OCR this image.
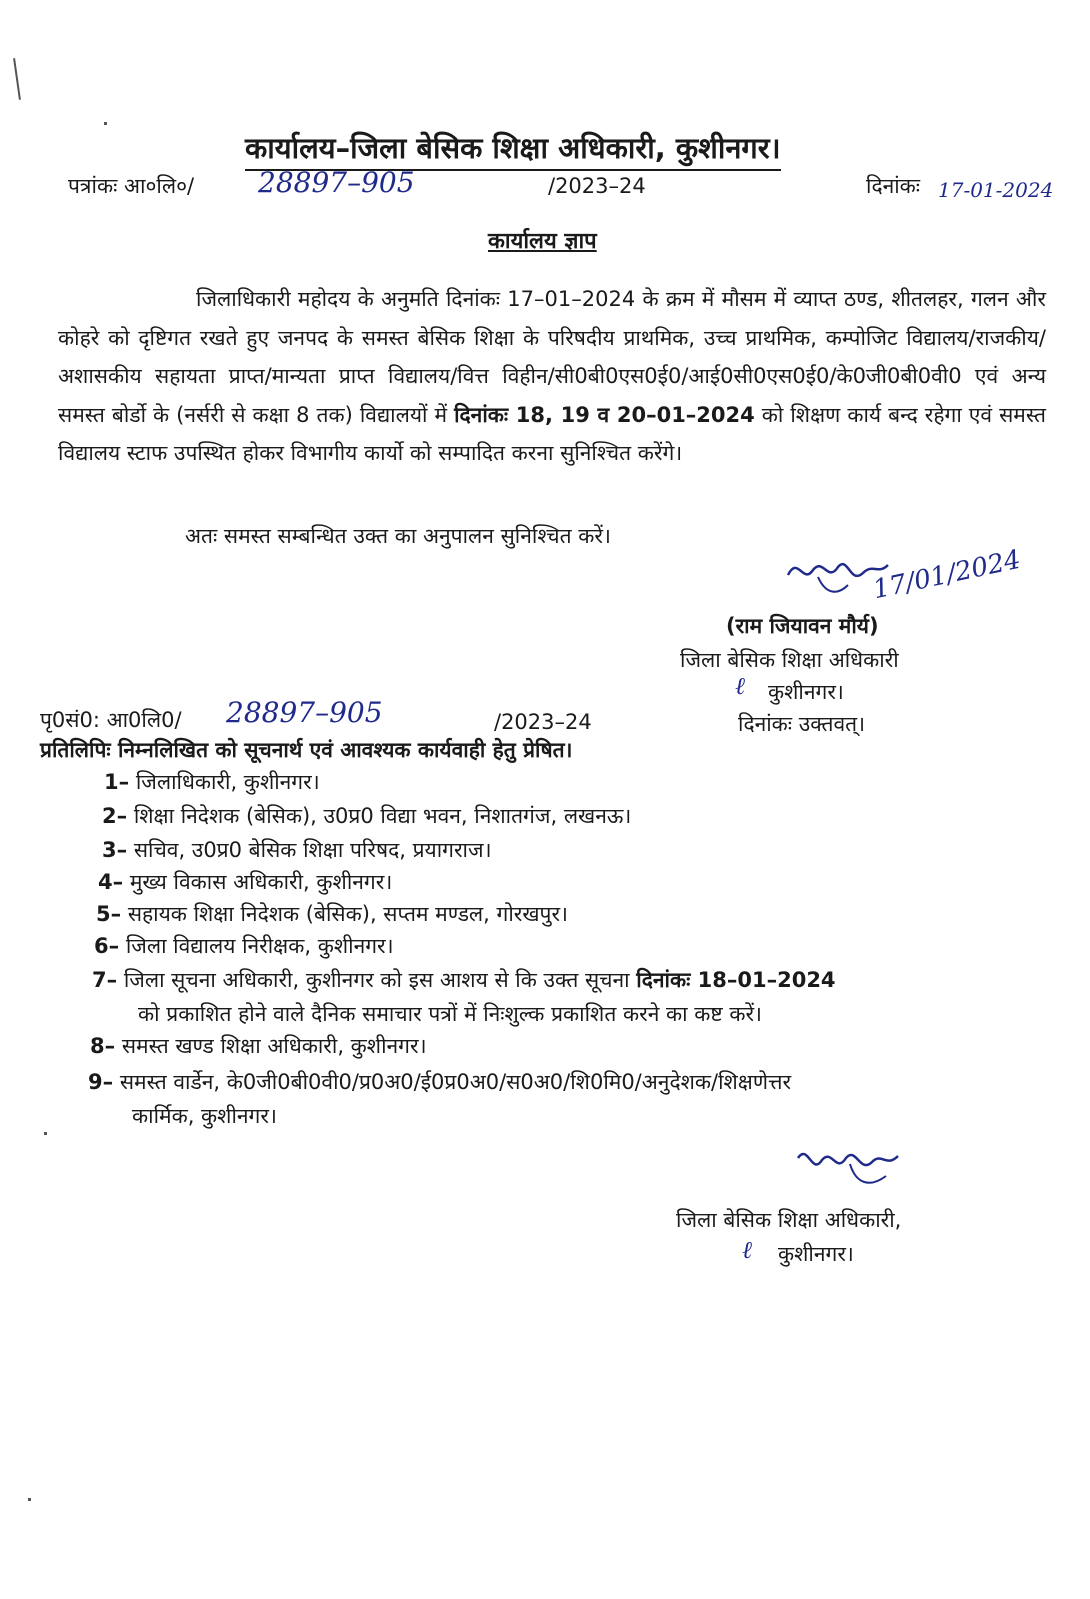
कार्यालय–जिला बेसिक शिक्षा अधिकारी, कुशीनगर।
पत्रांकः आ०लि०/ 28897–905	/2023–24	दिनांकः 17-01-2024
कार्यालय ज्ञाप
जिलाधिकारी महोदय के अनुमति दिनांकः 17–01–2024 के क्रम में मौसम में व्याप्त ठण्ड, शीतलहर, गलन और कोहरे को दृष्टिगत रखते हुए जनपद के समस्त बेसिक शिक्षा के परिषदीय प्राथमिक, उच्च प्राथमिक, कम्पोजिट विद्यालय/राजकीय/अशासकीय सहायता प्राप्त/मान्यता प्राप्त विद्यालय/वित्त विहीन/सी0बी0एस0ई0/आई0सी0एस0ई0/के0जी0बी0वी0 एवं अन्य समस्त बोर्डो के (नर्सरी से कक्षा 8 तक) विद्यालयों में दिनांकः 18, 19 व 20–01–2024 को शिक्षण कार्य बन्द रहेगा एवं समस्त विद्यालय स्टाफ उपस्थित होकर विभागीय कार्यो को सम्पादित करना सुनिश्चित करेंगे।
अतः समस्त सम्बन्धित उक्त का अनुपालन सुनिश्चित करें।
17/01/2024
(राम जियावन मौर्य)
जिला बेसिक शिक्षा अधिकारी
कुशीनगर।
ℓ
दिनांकः उक्तवत्।
पृ0सं0: आ0लि0/ 28897–905	/2023–24
प्रतिलिपिः निम्नलिखित को सूचनार्थ एवं आवश्यक कार्यवाही हेतु प्रेषित।
1– जिलाधिकारी, कुशीनगर।
2– शिक्षा निदेशक (बेसिक), उ0प्र0 विद्या भवन, निशातगंज, लखनऊ।
3– सचिव, उ0प्र0 बेसिक शिक्षा परिषद, प्रयागराज।
4– मुख्य विकास अधिकारी, कुशीनगर।
5– सहायक शिक्षा निदेशक (बेसिक), सप्तम मण्डल, गोरखपुर।
6– जिला विद्यालय निरीक्षक, कुशीनगर।
7– जिला सूचना अधिकारी, कुशीनगर को इस आशय से कि उक्त सूचना दिनांकः 18–01–2024
को प्रकाशित होने वाले दैनिक समाचार पत्रों में निःशुल्क प्रकाशित करने का कष्ट करें।
8– समस्त खण्ड शिक्षा अधिकारी, कुशीनगर।
9– समस्त वार्डेन, के0जी0बी0वी0/प्र0अ0/ई0प्र0अ0/स0अ0/शि0मि0/अनुदेशक/शिक्षणेत्तर
कार्मिक, कुशीनगर।
जिला बेसिक शिक्षा अधिकारी,
ℓ कुशीनगर।
